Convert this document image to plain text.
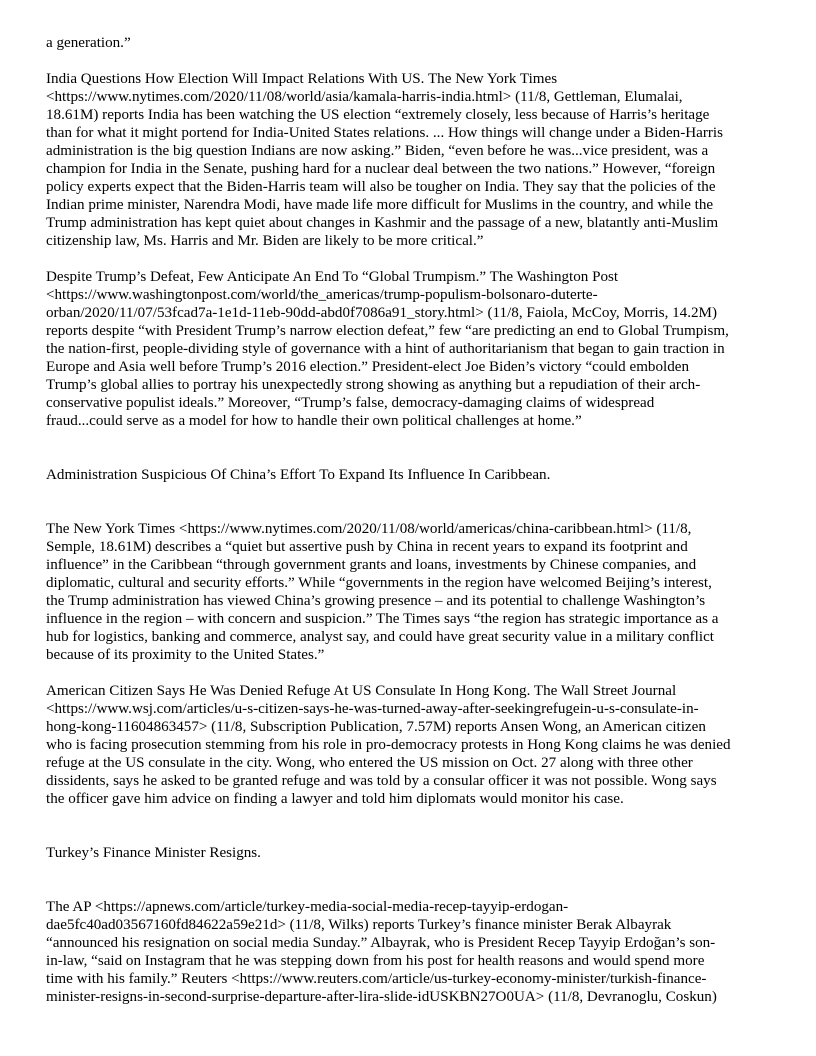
a generation.”

India Questions How Election Will Impact Relations With US. The New York Times
<https://www.nytimes.com/2020/11/08/world/asia/kamala-harris-india.html> (11/8, Gettleman, Elumalai,
18.61M) reports India has been watching the US election “extremely closely, less because of Harris’s heritage
than for what it might portend for India-United States relations. ... How things will change under a Biden-Harris
administration is the big question Indians are now asking.” Biden, “even before he was...vice president, was a
champion for India in the Senate, pushing hard for a nuclear deal between the two nations.” However, “foreign
policy experts expect that the Biden-Harris team will also be tougher on India. They say that the policies of the
Indian prime minister, Narendra Modi, have made life more difficult for Muslims in the country, and while the
Trump administration has kept quiet about changes in Kashmir and the passage of a new, blatantly anti-Muslim
citizenship law, Ms. Harris and Mr. Biden are likely to be more critical.”

Despite Trump’s Defeat, Few Anticipate An End To “Global Trumpism.” The Washington Post
<https://www.washingtonpost.com/world/the_americas/trump-populism-bolsonaro-duterte-
orban/2020/11/07/53fcad7a-1e1d-11eb-90dd-abd0f7086a91_story.html> (11/8, Faiola, McCoy, Morris, 14.2M)
reports despite “with President Trump’s narrow election defeat,” few “are predicting an end to Global Trumpism,
the nation-first, people-dividing style of governance with a hint of authoritarianism that began to gain traction in
Europe and Asia well before Trump’s 2016 election.” President-elect Joe Biden’s victory “could embolden
Trump’s global allies to portray his unexpectedly strong showing as anything but a repudiation of their arch-
conservative populist ideals.” Moreover, “Trump’s false, democracy-damaging claims of widespread
fraud...could serve as a model for how to handle their own political challenges at home.”

Administration Suspicious Of China’s Effort To Expand Its Influence In Caribbean.

The New York Times <https://www.nytimes.com/2020/11/08/world/americas/china-caribbean.html> (11/8,
Semple, 18.61M) describes a “quiet but assertive push by China in recent years to expand its footprint and
influence” in the Caribbean “through government grants and loans, investments by Chinese companies, and
diplomatic, cultural and security efforts.” While “governments in the region have welcomed Beijing’s interest,
the Trump administration has viewed China’s growing presence – and its potential to challenge Washington’s
influence in the region – with concern and suspicion.” The Times says “the region has strategic importance as a
hub for logistics, banking and commerce, analyst say, and could have great security value in a military conflict
because of its proximity to the United States.”

American Citizen Says He Was Denied Refuge At US Consulate In Hong Kong. The Wall Street Journal
<https://www.wsj.com/articles/u-s-citizen-says-he-was-turned-away-after-seekingrefugein-u-s-consulate-in-
hong-kong-11604863457> (11/8, Subscription Publication, 7.57M) reports Ansen Wong, an American citizen
who is facing prosecution stemming from his role in pro-democracy protests in Hong Kong claims he was denied
refuge at the US consulate in the city. Wong, who entered the US mission on Oct. 27 along with three other
dissidents, says he asked to be granted refuge and was told by a consular officer it was not possible. Wong says
the officer gave him advice on finding a lawyer and told him diplomats would monitor his case.

Turkey’s Finance Minister Resigns.

The AP <https://apnews.com/article/turkey-media-social-media-recep-tayyip-erdogan-
dae5fc40ad03567160fd84622a59e21d> (11/8, Wilks) reports Turkey’s finance minister Berak Albayrak
“announced his resignation on social media Sunday.” Albayrak, who is President Recep Tayyip Erdoğan’s son-
in-law, “said on Instagram that he was stepping down from his post for health reasons and would spend more
time with his family.” Reuters <https://www.reuters.com/article/us-turkey-economy-minister/turkish-finance-
minister-resigns-in-second-surprise-departure-after-lira-slide-idUSKBN27O0UA> (11/8, Devranoglu, Coskun)
